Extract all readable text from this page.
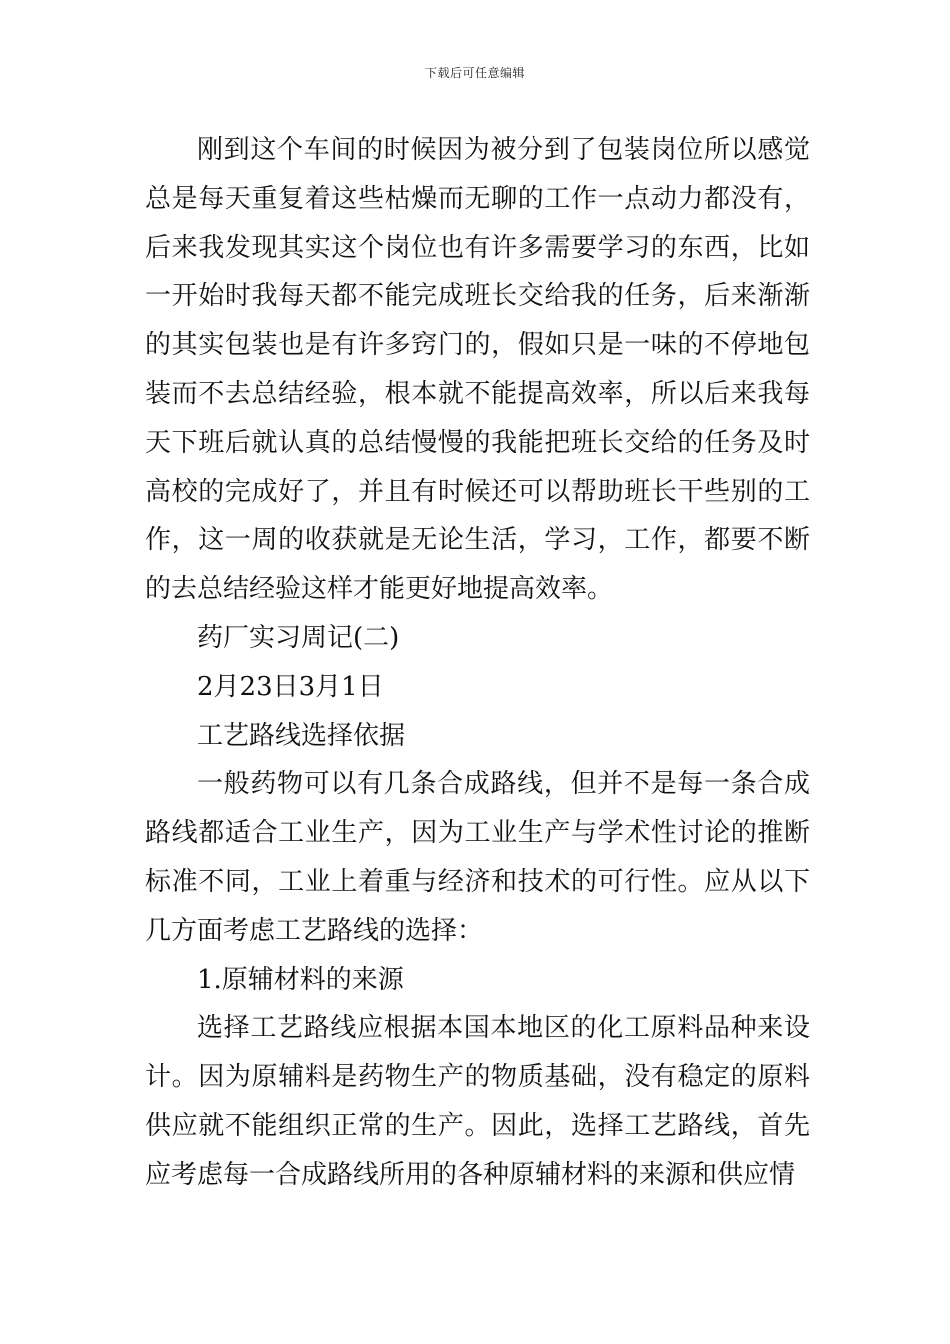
下载后可任意编辑

刚到这个车间的时候因为被分到了包装岗位所以感觉总是每天重复着这些枯燥而无聊的工作一点动力都没有，后来我发现其实这个岗位也有许多需要学习的东西，比如一开始时我每天都不能完成班长交给我的任务，后来渐渐的其实包装也是有许多窍门的，假如只是一味的不停地包装而不去总结经验，根本就不能提高效率，所以后来我每天下班后就认真的总结慢慢的我能把班长交给的任务及时高校的完成好了，并且有时候还可以帮助班长干些别的工作，这一周的收获就是无论生活，学习，工作，都要不断的去总结经验这样才能更好地提高效率。

药厂实习周记(二)

2月23日3月1日

工艺路线选择依据

一般药物可以有几条合成路线，但并不是每一条合成路线都适合工业生产，因为工业生产与学术性讨论的推断标准不同，工业上着重与经济和技术的可行性。应从以下几方面考虑工艺路线的选择：

1.原辅材料的来源

选择工艺路线应根据本国本地区的化工原料品种来设计。因为原辅料是药物生产的物质基础，没有稳定的原料供应就不能组织正常的生产。因此，选择工艺路线，首先应考虑每一合成路线所用的各种原辅材料的来源和供应情
